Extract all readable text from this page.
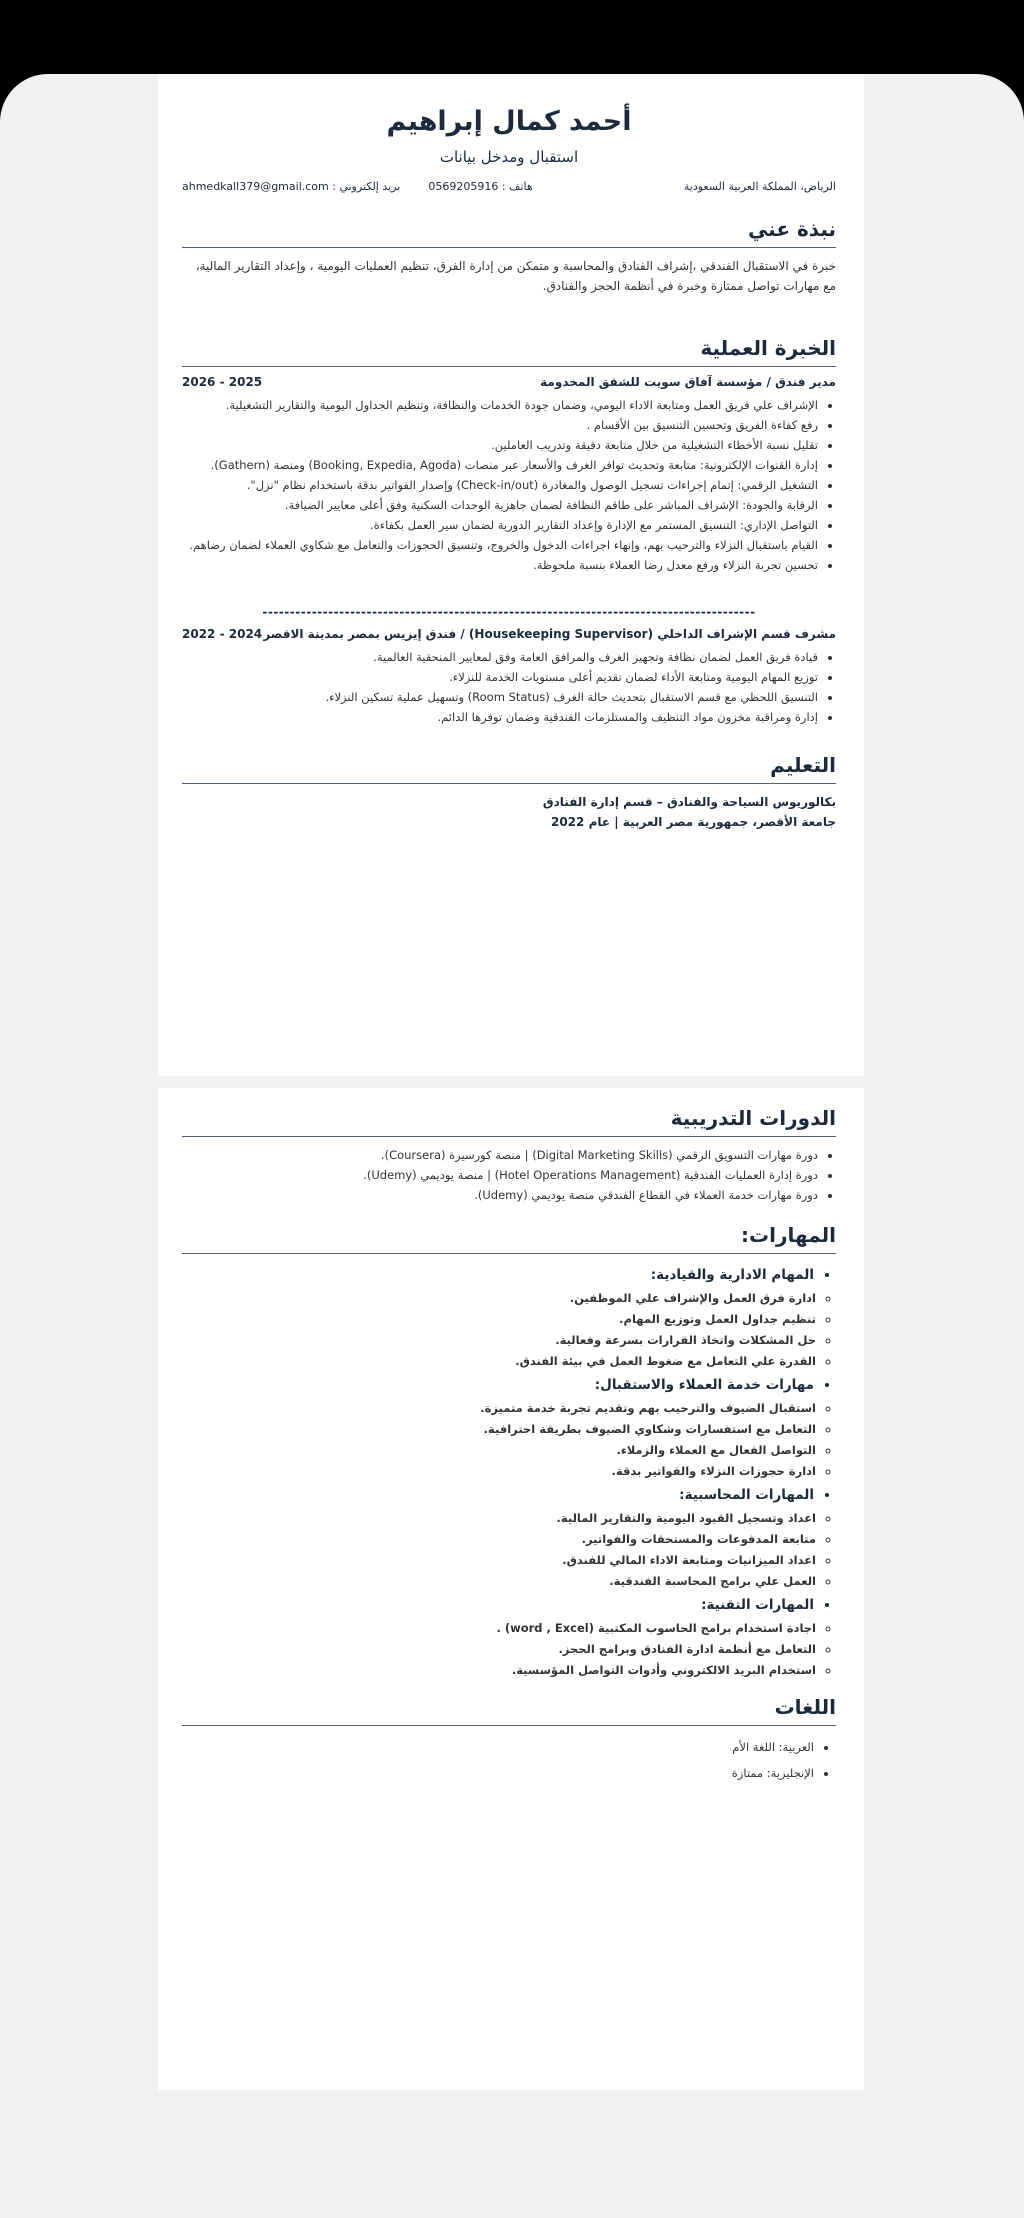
أحمد كمال إبراهيم

استقبال ومدخل بيانات

الرياض، المملكة العربية السعودية
هاتف : 0569205916
بريد إلكتروني : ahmedkall379@gmail.com
نبذة عني

خبرة في الاستقبال الفندقي ،إشراف الفنادق والمحاسبة و متمكن من إدارة الفرق، تنظيم العمليات اليومية ، وإعداد التقارير المالية، مع مهارات تواصل ممتازة وخبرة في أنظمة الحجز والفنادق.

الخبرة العملية
مدير فندق / مؤسسة آفاق سويت للشقق المخدومة
2025 - 2026
• الإشراف علي فريق العمل ومتابعة الاداء اليومي، وضمان جودة الخدمات والنظافة، وتنظيم الجداول اليومية والتقارير التشغيلية.
• رفع كفاءة الفريق وتحسين التنسيق بين الأقسام .
• تقليل نسبة الأخطاء التشغيلية من خلال متابعة دقيقة وتدريب العاملين.
• إدارة القنوات الإلكترونية: متابعة وتحديث توافر الغرف والأسعار عبر منصات (Booking, Expedia, Agoda) ومنصة (Gathern).
• التشغيل الرقمي: إتمام إجراءات تسجيل الوصول والمغادرة (Check-in/out) وإصدار الفواتير بدقة باستخدام نظام "نزل".
• الرقابة والجودة: الإشراف المباشر على طاقم النظافة لضمان جاهزية الوحدات السكنية وفق أعلى معايير الضيافة.
• التواصل الإداري: التنسيق المستمر مع الإدارة وإعداد التقارير الدورية لضمان سير العمل بكفاءة.
• القيام باستقبال النزلاء والترحيب بهم، وإنهاء اجراءات الدخول والخروج، وتنسيق الحجوزات والتعامل مع شكاوي العملاء لضمان رضاهم.
• تحسين تجربة النزلاء ورفع معدل رضا العملاء بنسبة ملحوظة.

------------------------------------------------------------------------------------------

مشرف قسم الإشراف الداخلي (Housekeeping Supervisor) / فندق إيزيس بمصر بمدينة الاقصر
2024 - 2022
• قيادة فريق العمل لضمان نظافة وتجهيز الغرف والمرافق العامة وفق لمعايير المنحقية العالمية.
• توزيع المهام اليومية ومتابعة الأداء لضمان تقديم أعلى مستويات الخدمة للنزلاء.
• التنسيق اللحظي مع قسم الاستقبال بتحديث حالة الغرف (Room Status) وتسهيل عملية تسكين النزلاء.
• إدارة ومراقبة مخزون مواد التنظيف والمستلزمات الفندقية وضمان توفرها الدائم.
التعليم

بكالوريوس السياحة والفنادق – قسم إدارة الفنادق

جامعة الأقصر، جمهورية مصر العربية | عام 2022

الدورات التدريبية
• دورة مهارات التسويق الرقمي (Digital Marketing Skills) | منصة كورسيرة (Coursera).
• دورة إدارة العمليات الفندقية (Hotel Operations Management) | منصة يوديمي (Udemy).
• دورة مهارات خدمة العملاء في القطاع الفندقي منصة يوديمي (Udemy).
المهارات:
• المهام الادارية والقيادية:
◦ ادارة فرق العمل والإشراف علي الموظفين.
◦ تنظيم جداول العمل وتوزيع المهام.
◦ حل المشكلات واتخاذ القرارات بسرعة وفعالية.
◦ القدرة علي التعامل مع ضغوط العمل في بيئة الفندق.
• مهارات خدمة العملاء والاستقبال:
◦ استقبال الضيوف والترحيب بهم وتقديم تجربة خدمة متميزة.
◦ التعامل مع استفسارات وشكاوي الضيوف بطريقة احترافية.
◦ التواصل الفعال مع العملاء والزملاء.
◦ ادارة حجوزات النزلاء والفواتير بدقة.
• المهارات المحاسبية:
◦ اعداد وتسجيل القيود اليومية والتقارير المالية.
◦ متابعة المدفوعات والمستحقات والفواتير.
◦ اعداد الميزانيات ومتابعة الاداء المالي للفندق.
◦ العمل علي برامج المحاسبة الفندقية.
• المهارات التقنية:
◦ اجادة استخدام برامج الحاسوب المكتبية (word , Excel) .
◦ التعامل مع أنظمة ادارة الفنادق وبرامج الحجز.
◦ استخدام البريد الالكتروني وأدوات التواصل المؤسسية.
اللغات
• العربية: اللغة الأم
• الإنجليزية: ممتازة
